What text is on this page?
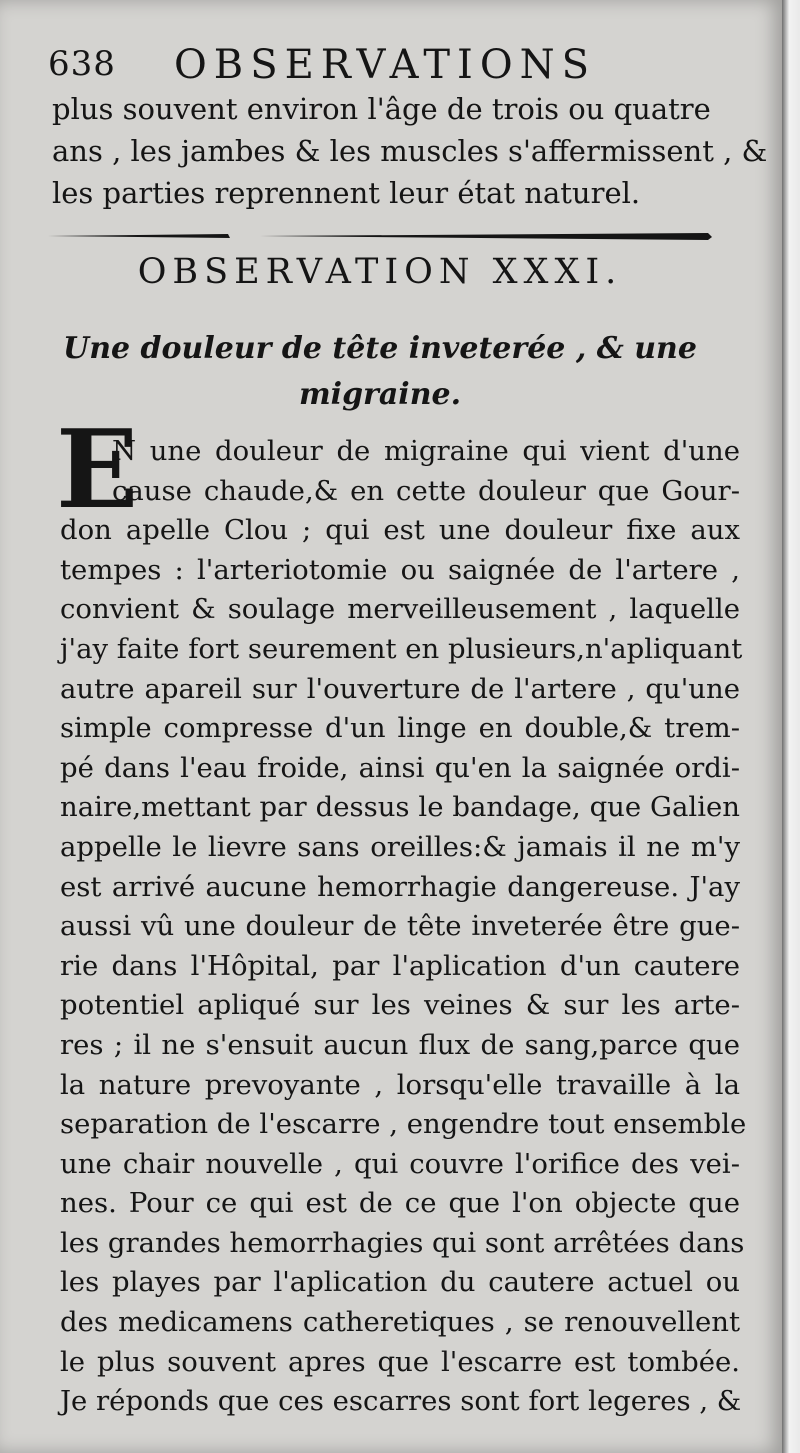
638 OBSERVATIONS
plus souvent environ l'âge de trois ou quatre
ans , les jambes & les muscles s'affermissent , &
les parties reprennent leur état naturel.
OBSERVATION XXXI.
Une douleur de tête inveterée , & une
migraine.
E
N une douleur de migraine qui vient d'une
cause chaude,& en cette douleur que Gour-
don apelle Clou ; qui est une douleur fixe aux
tempes : l'arteriotomie ou saignée de l'artere ,
convient & soulage merveilleusement , laquelle
j'ay faite fort seurement en plusieurs,n'apliquant
autre apareil sur l'ouverture de l'artere , qu'une
simple compresse d'un linge en double,& trem-
pé dans l'eau froide, ainsi qu'en la saignée ordi-
naire,mettant par dessus le bandage, que Galien
appelle le lievre sans oreilles:& jamais il ne m'y
est arrivé aucune hemorrhagie dangereuse. J'ay
aussi vû une douleur de tête inveterée être gue-
rie dans l'Hôpital, par l'aplication d'un cautere
potentiel apliqué sur les veines & sur les arte-
res ; il ne s'ensuit aucun flux de sang,parce que
la nature prevoyante , lorsqu'elle travaille à la
separation de l'escarre , engendre tout ensemble
une chair nouvelle , qui couvre l'orifice des vei-
nes. Pour ce qui est de ce que l'on objecte que
les grandes hemorrhagies qui sont arrêtées dans
les playes par l'aplication du cautere actuel ou
des medicamens catheretiques , se renouvellent
le plus souvent apres que l'escarre est tombée.
Je réponds que ces escarres sont fort legeres , &
